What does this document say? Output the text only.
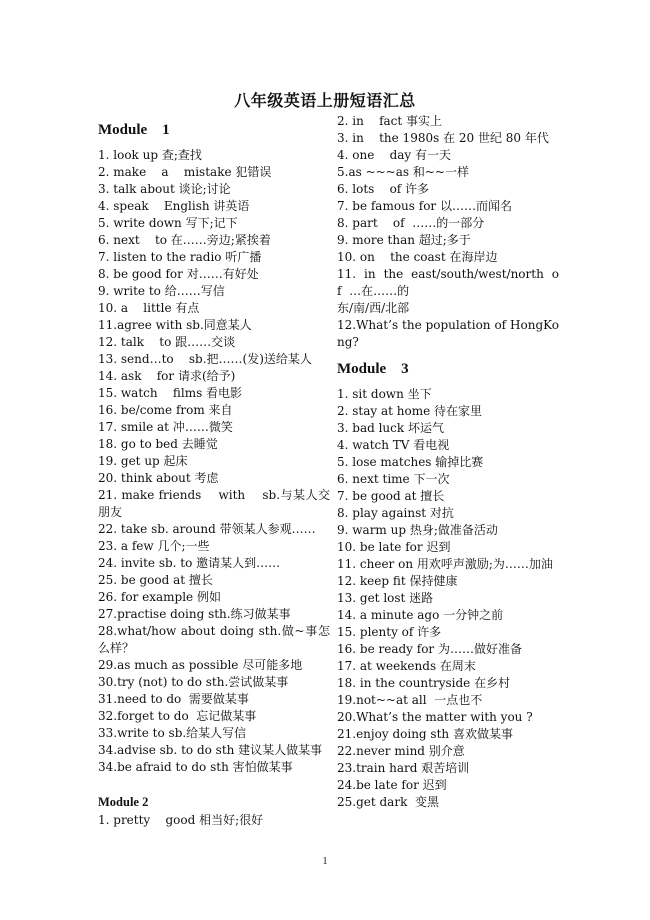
八年级英语上册短语汇总
Module    1
1. look up 查;查找
2. make    a    mistake 犯错误
3. talk about 谈论;讨论
4. speak    English 讲英语
5. write down 写下;记下
6. next    to 在……旁边;紧挨着
7. listen to the radio 听广播
8. be good for 对……有好处
9. write to 给……写信
10. a    little 有点
11.agree with sb.同意某人
12. talk    to 跟……交谈
13. send…to    sb.把……(发)送给某人
14. ask    for 请求(给予)
15. watch    films 看电影
16. be/come from 来自
17. smile at 冲……微笑
18. go to bed 去睡觉
19. get up 起床
20. think about 考虑
21. make friends    with    sb.与某人交朋友
22. take sb. around 带领某人参观……
23. a few 几个;一些
24. invite sb. to 邀请某人到……
25. be good at 擅长
26. for example 例如
27.practise doing sth.练习做某事
28.what/how about doing sth.做~事怎么样？
29.as much as possible 尽可能多地
30.try (not) to do sth.尝试做某事
31.need to do  需要做某事
32.forget to do  忘记做某事
33.write to sb.给某人写信
34.advise sb. to do sth 建议某人做某事
34.be afraid to do sth 害怕做某事
Module 2
1. pretty    good 相当好;很好
2. in    fact 事实上
3. in    the 1980s 在 20 世纪 80 年代
4. one    day 有一天
5.as ~~~as 和~~一样
6. lots    of 许多
7. be famous for 以……而闻名
8. part    of  ……的一部分
9. more than 超过;多于
10. on    the coast 在海岸边
11.  in  the  east/south/west/north  of  …在……的
东/南/西/北部
12.What’s the population of HongKong?
Module    3
1. sit down 坐下
2. stay at home 待在家里
3. bad luck 坏运气
4. watch TV 看电视
5. lose matches 输掉比赛
6. next time 下一次
7. be good at 擅长
8. play against 对抗
9. warm up 热身;做准备活动
10. be late for 迟到
11. cheer on 用欢呼声激励;为……加油
12. keep fit 保持健康
13. get lost 迷路
14. a minute ago 一分钟之前
15. plenty of 许多
16. be ready for 为……做好准备
17. at weekends 在周末
18. in the countryside 在乡村
19.not~~at all  一点也不
20.What’s the matter with you ?
21.enjoy doing sth 喜欢做某事
22.never mind 别介意
23.train hard 艰苦培训
24.be late for 迟到
25.get dark  变黑
1
